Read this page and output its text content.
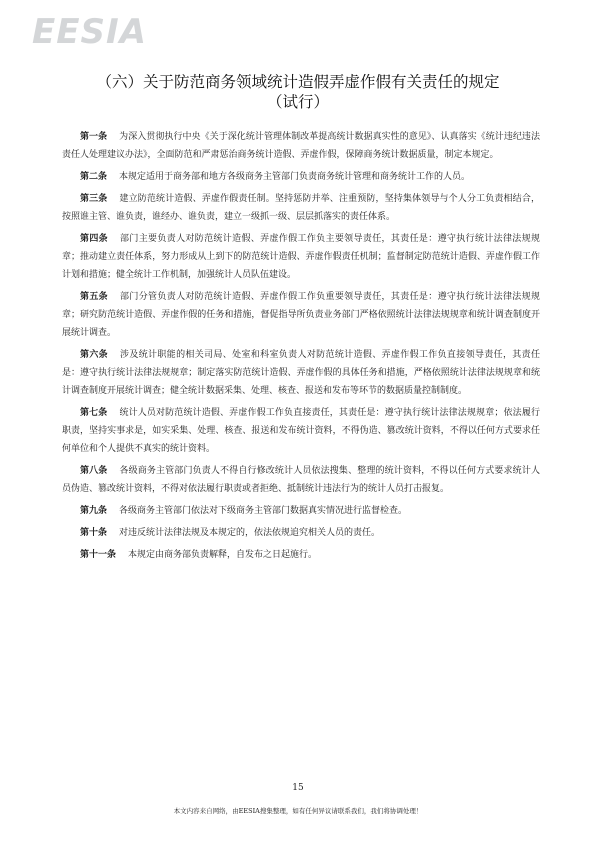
EESIA
（六）关于防范商务领域统计造假弄虚作假有关责任的规定
（试行）

第一条 为深入贯彻执行中央《关于深化统计管理体制改革提高统计数据真实性的意见》、认真落实《统计违纪违法责任人处理建议办法》，全面防范和严肃惩治商务统计造假、弄虚作假，保障商务统计数据质量，制定本规定。

第二条 本规定适用于商务部和地方各级商务主管部门负责商务统计管理和商务统计工作的人员。

第三条 建立防范统计造假、弄虚作假责任制。坚持惩防并举、注重预防，坚持集体领导与个人分工负责相结合，按照谁主管、谁负责，谁经办、谁负责，建立一级抓一级、层层抓落实的责任体系。

第四条 部门主要负责人对防范统计造假、弄虚作假工作负主要领导责任，其责任是：遵守执行统计法律法规规章；推动建立责任体系，努力形成从上到下的防范统计造假、弄虚作假责任机制；监督制定防范统计造假、弄虚作假工作计划和措施；健全统计工作机制，加强统计人员队伍建设。

第五条 部门分管负责人对防范统计造假、弄虚作假工作负重要领导责任，其责任是：遵守执行统计法律法规规章；研究防范统计造假、弄虚作假的任务和措施，督促指导所负责业务部门严格依照统计法律法规规章和统计调查制度开展统计调查。

第六条 涉及统计职能的相关司局、处室和科室负责人对防范统计造假、弄虚作假工作负直接领导责任，其责任是：遵守执行统计法律法规规章；制定落实防范统计造假、弄虚作假的具体任务和措施，严格依照统计法律法规规章和统计调查制度开展统计调查；健全统计数据采集、处理、核查、报送和发布等环节的数据质量控制制度。

第七条 统计人员对防范统计造假、弄虚作假工作负直接责任，其责任是：遵守执行统计法律法规规章；依法履行职责，坚持实事求是，如实采集、处理、核查、报送和发布统计资料，不得伪造、篡改统计资料，不得以任何方式要求任何单位和个人提供不真实的统计资料。

第八条 各级商务主管部门负责人不得自行修改统计人员依法搜集、整理的统计资料，不得以任何方式要求统计人员伪造、篡改统计资料，不得对依法履行职责或者拒绝、抵制统计违法行为的统计人员打击报复。

第九条 各级商务主管部门依法对下级商务主管部门数据真实情况进行监督检查。

第十条 对违反统计法律法规及本规定的，依法依规追究相关人员的责任。

第十一条 本规定由商务部负责解释，自发布之日起施行。

15
本文内容来自网络，由EESIA搜集整理，如有任何异议请联系我们，我们将协调处理！
